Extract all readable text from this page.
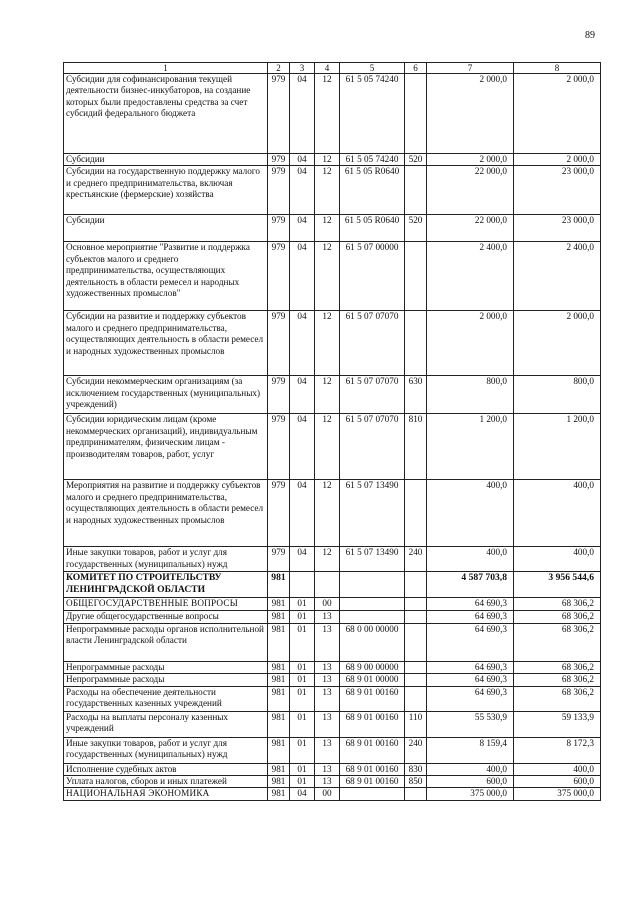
89
1	2	3	4	5	6	7	8
Субсидии для софинансирования текущей деятельности бизнес-инкубаторов, на создание которых были предоставлены средства за счет субсидий федерального бюджета	979	04	12	61 5 05 74240		2 000,0	2 000,0
Субсидии	979	04	12	61 5 05 74240	520	2 000,0	2 000,0
Субсидии на государственную поддержку малого и среднего предпринимательства, включая крестьянские (фермерские) хозяйства	979	04	12	61 5 05 R0640		22 000,0	23 000,0
Субсидии	979	04	12	61 5 05 R0640	520	22 000,0	23 000,0
Основное мероприятие "Развитие и поддержка субъектов малого и среднего предпринимательства, осуществляющих деятельность в области ремесел и народных художественных промыслов"	979	04	12	61 5 07 00000		2 400,0	2 400,0
Субсидии на развитие и поддержку субъектов малого и среднего предпринимательства, осуществляющих деятельность в области ремесел и народных художественных промыслов	979	04	12	61 5 07 07070		2 000,0	2 000,0
Субсидии некоммерческим организациям (за исключением государственных (муниципальных) учреждений)	979	04	12	61 5 07 07070	630	800,0	800,0
Субсидии юридическим лицам (кроме некоммерческих организаций), индивидуальным предпринимателям, физическим лицам - производителям товаров, работ, услуг	979	04	12	61 5 07 07070	810	1 200,0	1 200,0
Мероприятия на развитие и поддержку субъектов малого и среднего предпринимательства, осуществляющих деятельность в области ремесел и народных художественных промыслов	979	04	12	61 5 07 13490		400,0	400,0
Иные закупки товаров, работ и услуг для государственных (муниципальных) нужд	979	04	12	61 5 07 13490	240	400,0	400,0
КОМИТЕТ ПО СТРОИТЕЛЬСТВУ ЛЕНИНГРАДСКОЙ ОБЛАСТИ	981					4 587 703,8	3 956 544,6
ОБЩЕГОСУДАРСТВЕННЫЕ ВОПРОСЫ	981	01	00			64 690,3	68 306,2
Другие общегосударственные вопросы	981	01	13			64 690,3	68 306,2
Непрограммные расходы органов исполнительной власти Ленинградской области	981	01	13	68 0 00 00000		64 690,3	68 306,2
Непрограммные расходы	981	01	13	68 9 00 00000		64 690,3	68 306,2
Непрограммные расходы	981	01	13	68 9 01 00000		64 690,3	68 306,2
Расходы на обеспечение деятельности государственных казенных учреждений	981	01	13	68 9 01 00160		64 690,3	68 306,2
Расходы на выплаты персоналу казенных учреждений	981	01	13	68 9 01 00160	110	55 530,9	59 133,9
Иные закупки товаров, работ и услуг для государственных (муниципальных) нужд	981	01	13	68 9 01 00160	240	8 159,4	8 172,3
Исполнение судебных актов	981	01	13	68 9 01 00160	830	400,0	400,0
Уплата налогов, сборов и иных платежей	981	01	13	68 9 01 00160	850	600,0	600,0
НАЦИОНАЛЬНАЯ ЭКОНОМИКА	981	04	00			375 000,0	375 000,0
